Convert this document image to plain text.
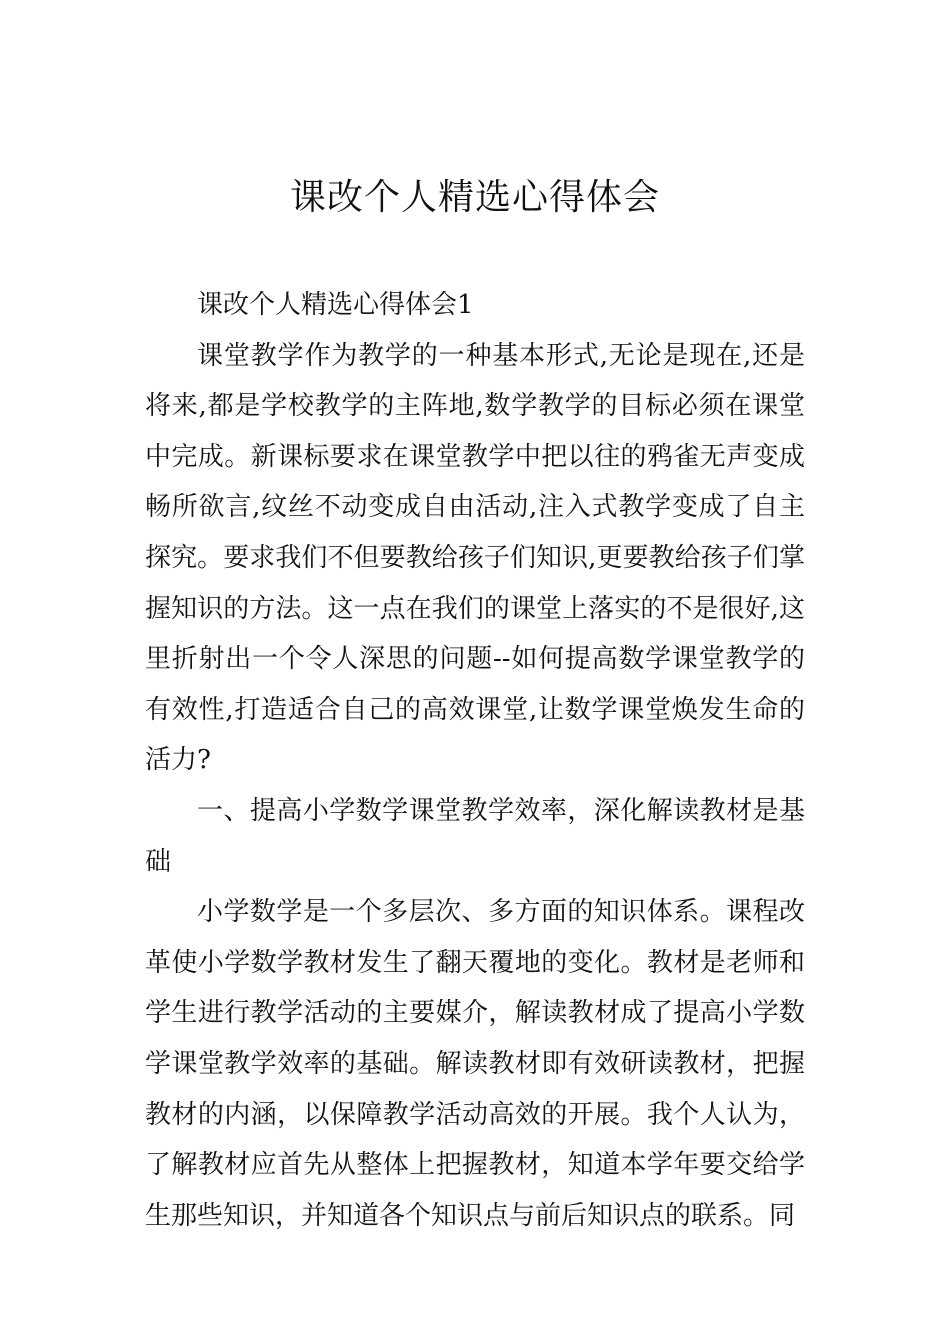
课改个人精选心得体会

课改个人精选心得体会1

课堂教学作为教学的一种基本形式,无论是现在,还是将来,都是学校教学的主阵地,数学教学的目标必须在课堂中完成。新课标要求在课堂教学中把以往的鸦雀无声变成畅所欲言,纹丝不动变成自由活动,注入式教学变成了自主探究。要求我们不但要教给孩子们知识,更要教给孩子们掌握知识的方法。这一点在我们的课堂上落实的不是很好,这里折射出一个令人深思的问题--如何提高数学课堂教学的有效性,打造适合自己的高效课堂,让数学课堂焕发生命的活力?

一、提高小学数学课堂教学效率，深化解读教材是基础

小学数学是一个多层次、多方面的知识体系。课程改革使小学数学教材发生了翻天覆地的变化。教材是老师和学生进行教学活动的主要媒介，解读教材成了提高小学数学课堂教学效率的基础。解读教材即有效研读教材，把握教材的内涵，以保障教学活动高效的开展。我个人认为，了解教材应首先从整体上把握教材，知道本学年要交给学生那些知识，并知道各个知识点与前后知识点的联系。同
